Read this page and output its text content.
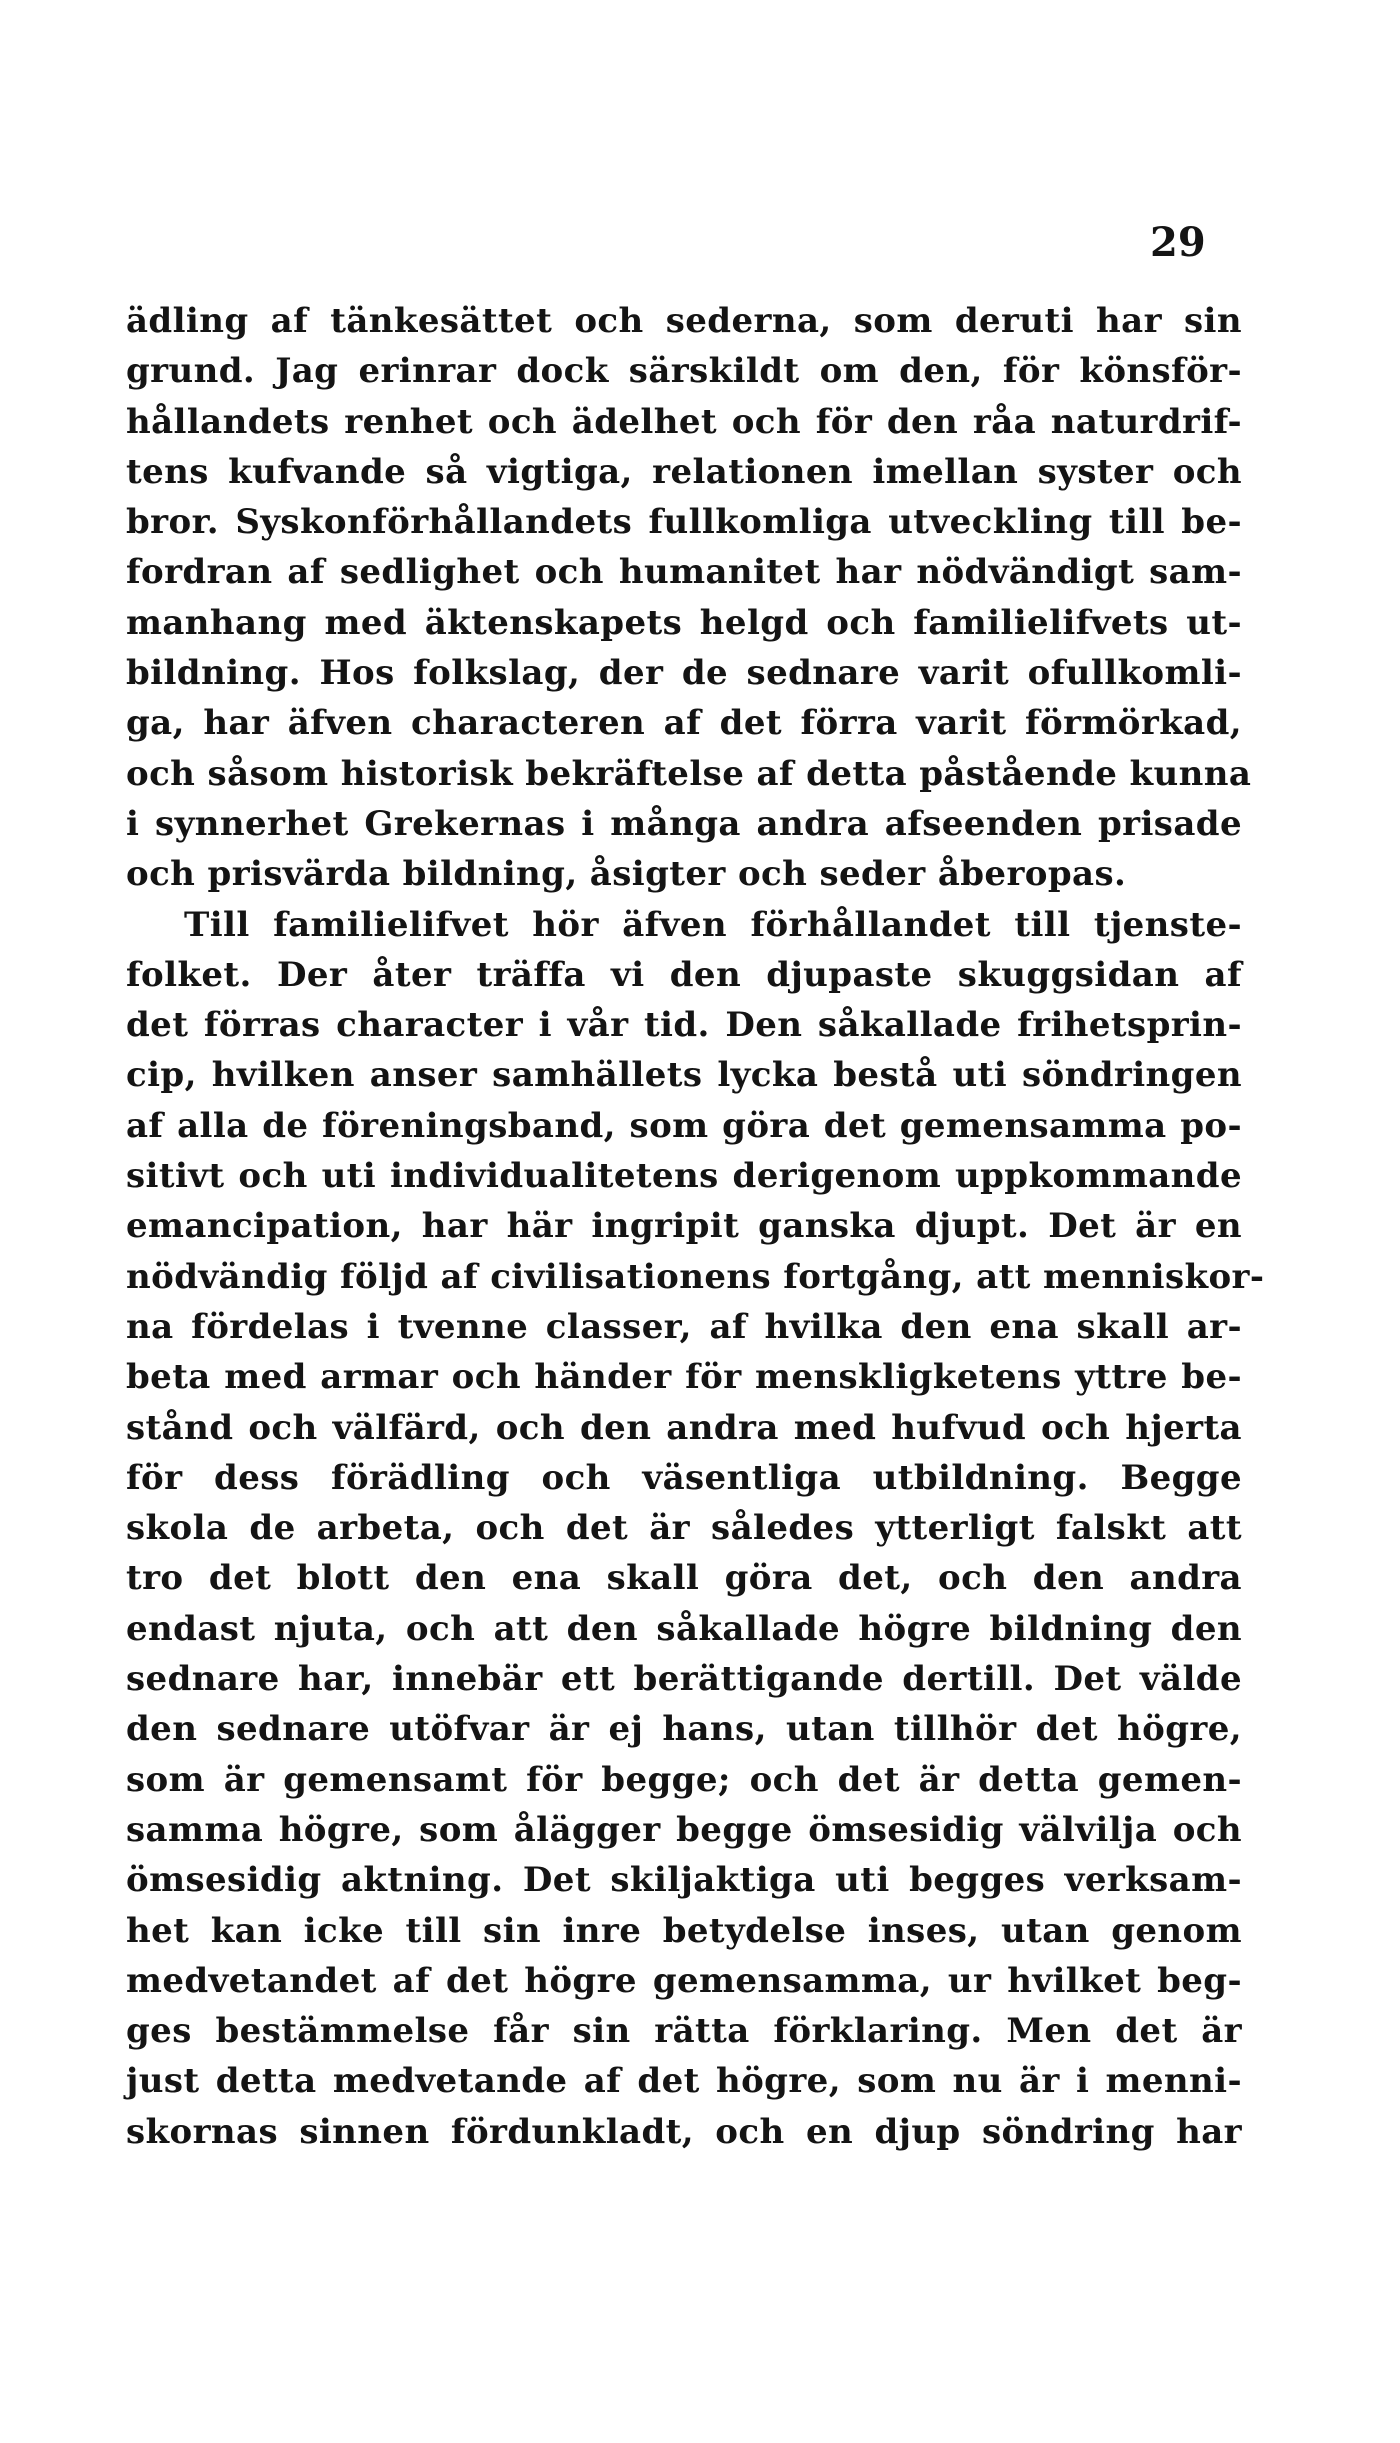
29
ädling af tänkesättet och sederna, som deruti har sin
grund. Jag erinrar dock särskildt om den, för könsför-
hållandets renhet och ädelhet och för den råa naturdrif-
tens kufvande så vigtiga, relationen imellan syster och
bror. Syskonförhållandets fullkomliga utveckling till be-
fordran af sedlighet och humanitet har nödvändigt sam-
manhang med äktenskapets helgd och familielifvets ut-
bildning. Hos folkslag, der de sednare varit ofullkomli-
ga, har äfven characteren af det förra varit förmörkad,
och såsom historisk bekräftelse af detta påstående kunna
i synnerhet Grekernas i många andra afseenden prisade
och prisvärda bildning, åsigter och seder åberopas.
Till familielifvet hör äfven förhållandet till tjenste-
folket. Der åter träffa vi den djupaste skuggsidan af
det förras character i vår tid. Den såkallade frihetsprin-
cip, hvilken anser samhällets lycka bestå uti söndringen
af alla de föreningsband, som göra det gemensamma po-
sitivt och uti individualitetens derigenom uppkommande
emancipation, har här ingripit ganska djupt. Det är en
nödvändig följd af civilisationens fortgång, att menniskor-
na fördelas i tvenne classer, af hvilka den ena skall ar-
beta med armar och händer för menskligketens yttre be-
stånd och välfärd, och den andra med hufvud och hjerta
för dess förädling och väsentliga utbildning. Begge
skola de arbeta, och det är således ytterligt falskt att
tro det blott den ena skall göra det, och den andra
endast njuta, och att den såkallade högre bildning den
sednare har, innebär ett berättigande dertill. Det välde
den sednare utöfvar är ej hans, utan tillhör det högre,
som är gemensamt för begge; och det är detta gemen-
samma högre, som ålägger begge ömsesidig välvilja och
ömsesidig aktning. Det skiljaktiga uti begges verksam-
het kan icke till sin inre betydelse inses, utan genom
medvetandet af det högre gemensamma, ur hvilket beg-
ges bestämmelse får sin rätta förklaring. Men det är
just detta medvetande af det högre, som nu är i menni-
skornas sinnen fördunkladt, och en djup söndring har
